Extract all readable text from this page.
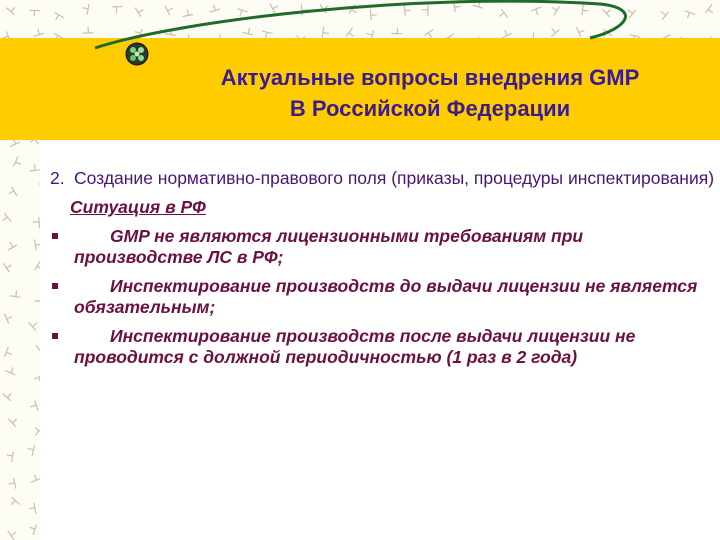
Актуальные вопросы внедрения GMP
В Российской Федерации
2. Создание нормативно-правового поля (приказы, процедуры инспектирования)
Ситуация в РФ
GMP не являются лицензионными требованиям при производстве ЛС в РФ;
Инспектирование производств до выдачи лицензии не является обязательным;
Инспектирование производств после выдачи лицензии не проводится с должной периодичностью (1 раз в 2 года)
